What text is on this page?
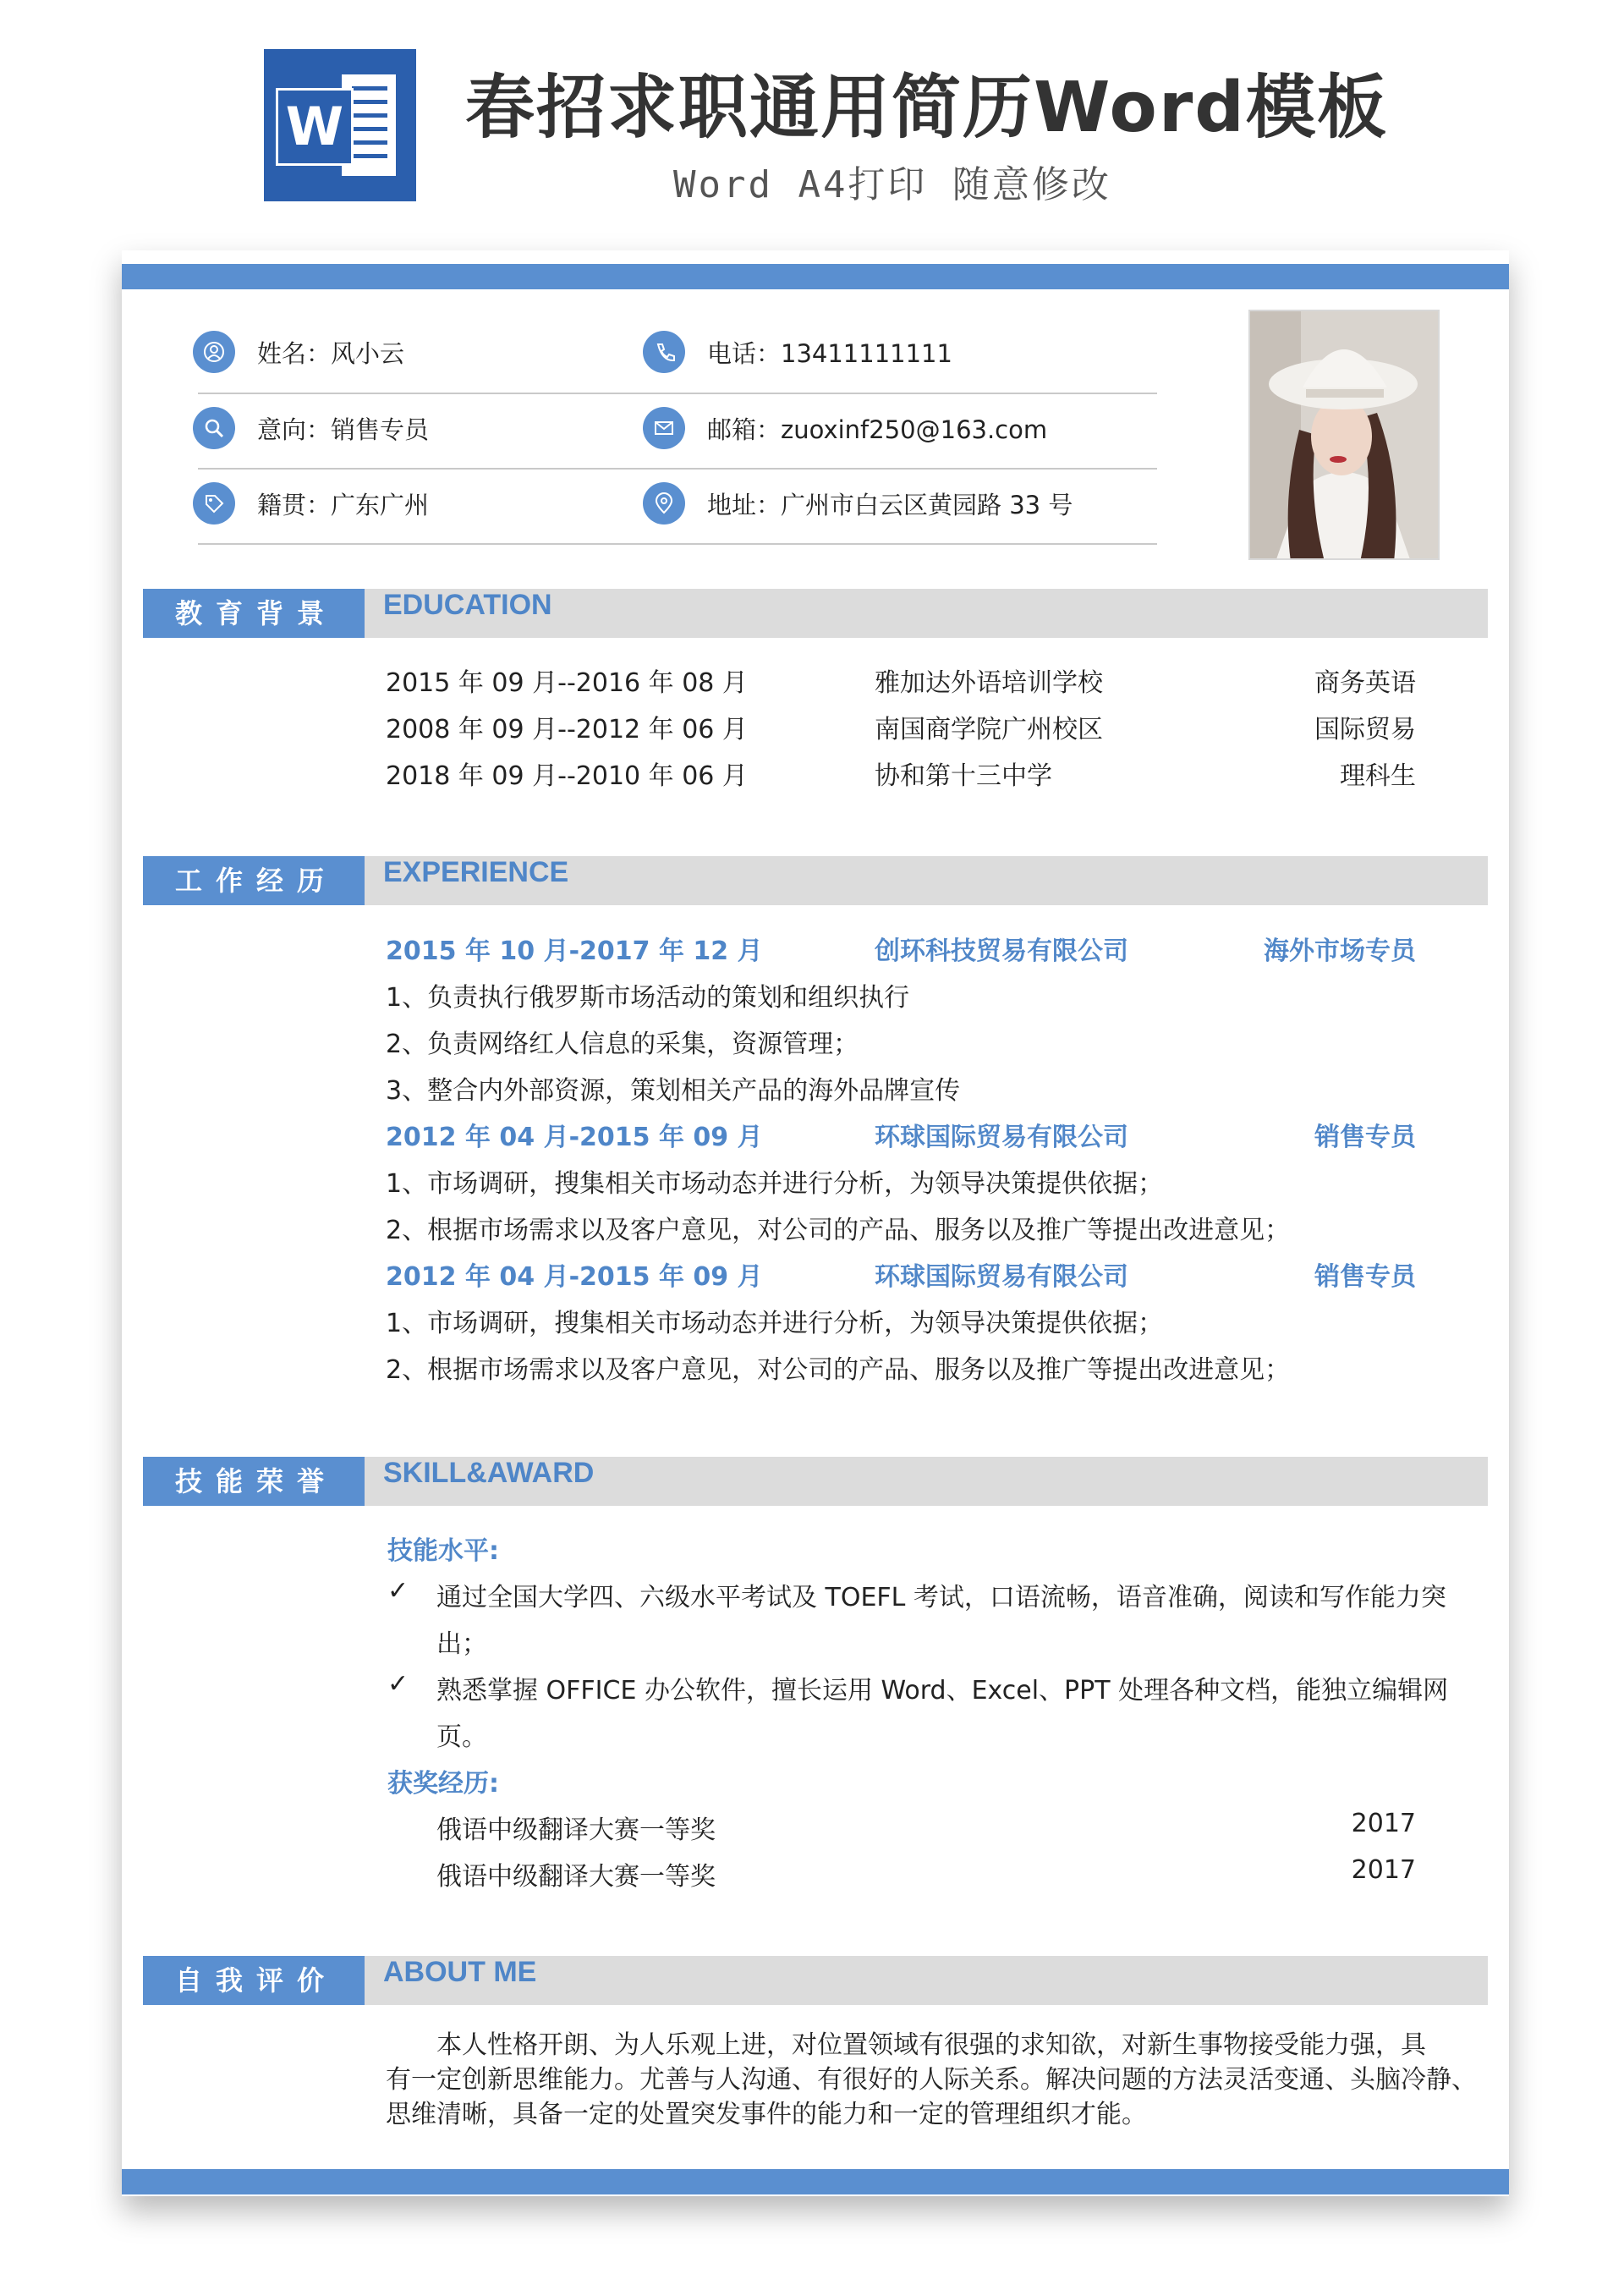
W 春招求职通用简历Word模板
Word A4打印 随意修改
姓名：风小云	电话：13411111111
意向：销售专员	邮箱：zuoxinf250@163.com
籍贯：广东广州	地址：广州市白云区黄园路 33 号
教育背景	EDUCATION
2015 年 09 月--2016 年 08 月	雅加达外语培训学校	商务英语
2008 年 09 月--2012 年 06 月	南国商学院广州校区	国际贸易
2018 年 09 月--2010 年 06 月	协和第十三中学	理科生
工作经历	EXPERIENCE
2015 年 10 月-2017 年 12 月	创环科技贸易有限公司	海外市场专员
1、负责执行俄罗斯市场活动的策划和组织执行
2、负责网络红人信息的采集，资源管理；
3、整合内外部资源，策划相关产品的海外品牌宣传
2012 年 04 月-2015 年 09 月	环球国际贸易有限公司	销售专员
1、市场调研，搜集相关市场动态并进行分析，为领导决策提供依据；
2、根据市场需求以及客户意见，对公司的产品、服务以及推广等提出改进意见；
2012 年 04 月-2015 年 09 月	环球国际贸易有限公司	销售专员
1、市场调研，搜集相关市场动态并进行分析，为领导决策提供依据；
2、根据市场需求以及客户意见，对公司的产品、服务以及推广等提出改进意见；
技能荣誉	SKILL&AWARD
技能水平:
✓ 通过全国大学四、六级水平考试及 TOEFL 考试，口语流畅，语音准确，阅读和写作能力突
出；
✓ 熟悉掌握 OFFICE 办公软件，擅长运用 Word、Excel、PPT 处理各种文档，能独立编辑网
页。
获奖经历:
俄语中级翻译大赛一等奖	2017
俄语中级翻译大赛一等奖	2017
自我评价	ABOUT ME
本人性格开朗、为人乐观上进，对位置领域有很强的求知欲，对新生事物接受能力强，具
有一定创新思维能力。尤善与人沟通、有很好的人际关系。解决问题的方法灵活变通、头脑冷静、
思维清晰，具备一定的处置突发事件的能力和一定的管理组织才能。
